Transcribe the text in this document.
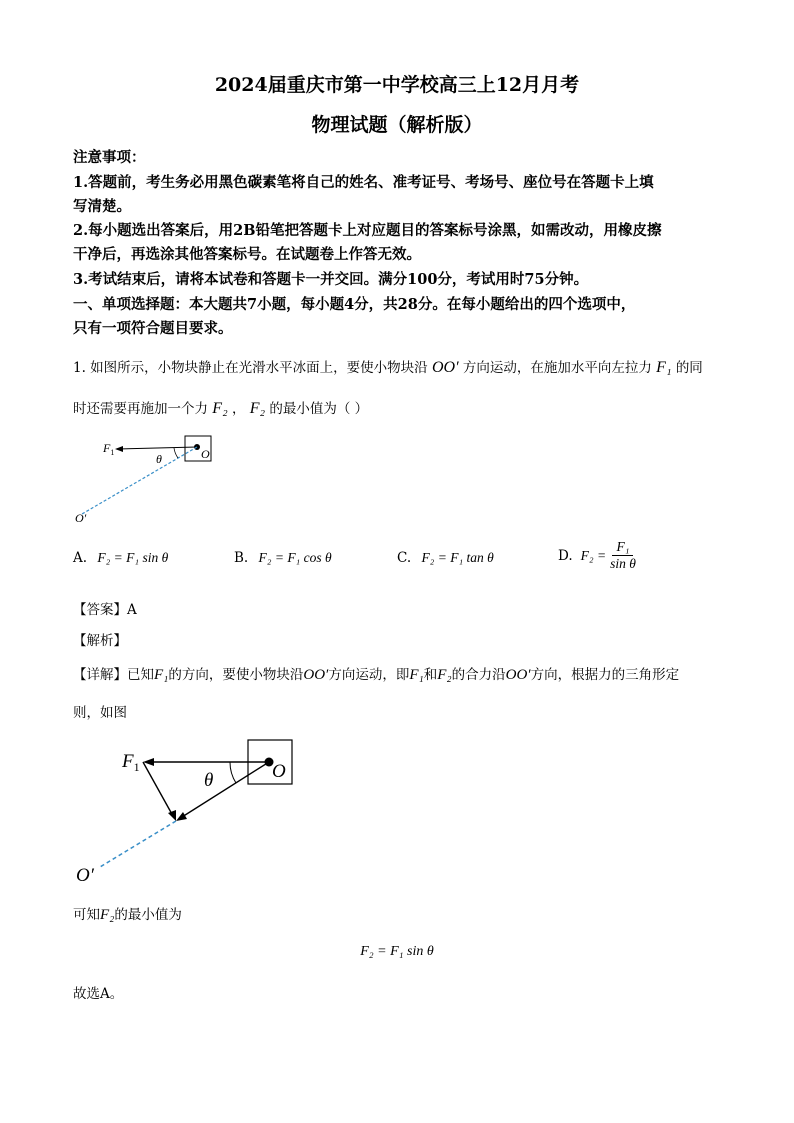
2024届重庆市第一中学校高三上12月月考
物理试题（解析版）
注意事项：
1.答题前，考生务必用黑色碳素笔将自己的姓名、准考证号、考场号、座位号在答题卡上填
写清楚。
2.每小题选出答案后，用2B铅笔把答题卡上对应题目的答案标号涂黑，如需改动，用橡皮擦
干净后，再选涂其他答案标号。在试题卷上作答无效。
3.考试结束后，请将本试卷和答题卡一并交回。满分100分，考试用时75分钟。
一、单项选择题：本大题共7小题，每小题4分，共28分。在每小题给出的四个选项中，
只有一项符合题目要求。
1. 如图所示，小物块静止在光滑水平冰面上，要使小物块沿 OO′ 方向运动，在施加水平向左拉力 F₁ 的同
时还需要再施加一个力 F₂ ， F₂ 的最小值为（ ）
$F_1$	θ	O
O′
A. F₂ = F₁ sin θ	B. F₂ = F₁ cos θ	C. F₂ = F₁ tan θ	D. $F_2 = \frac{\text{F₁}}{\text{sin θ}}$
【答案】A
【解析】
【详解】已知F₁的方向，要使小物块沿OO′方向运动，即F₁和F₂的合力沿OO′方向，根据力的三角形定
则，如图
$F_1$
θ	O
O′
可知F₂的最小值为
F₂ = F₁ sin θ
故选A。
